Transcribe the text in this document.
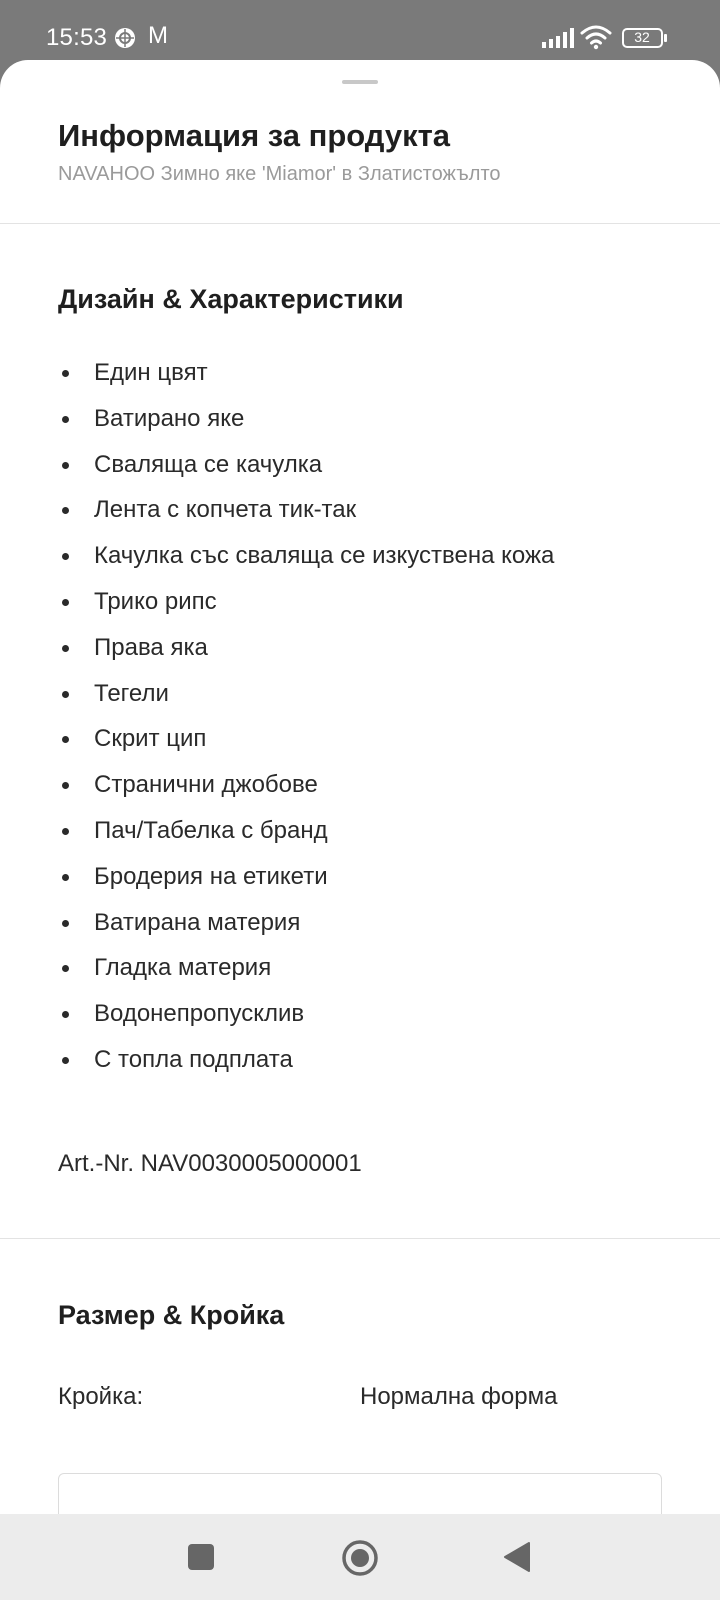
15:53 M	32
Информация за продукта
NAVAHOO Зимно яке 'Miamor' в Златистожълто
Дизайн & Характеристики
Един цвят
Ватирано яке
Сваляща се качулка
Лента с копчета тик-так
Качулка със сваляща се изкуствена кожа
Трико рипс
Права яка
Тегели
Скрит цип
Странични джобове
Пач/Табелка с бранд
Бродерия на етикети
Ватирана материя
Гладка материя
Водонепропусклив
С топла подплата
Art.-Nr. NAV0030005000001
Размер & Кройка
Кройка:	Нормална форма
